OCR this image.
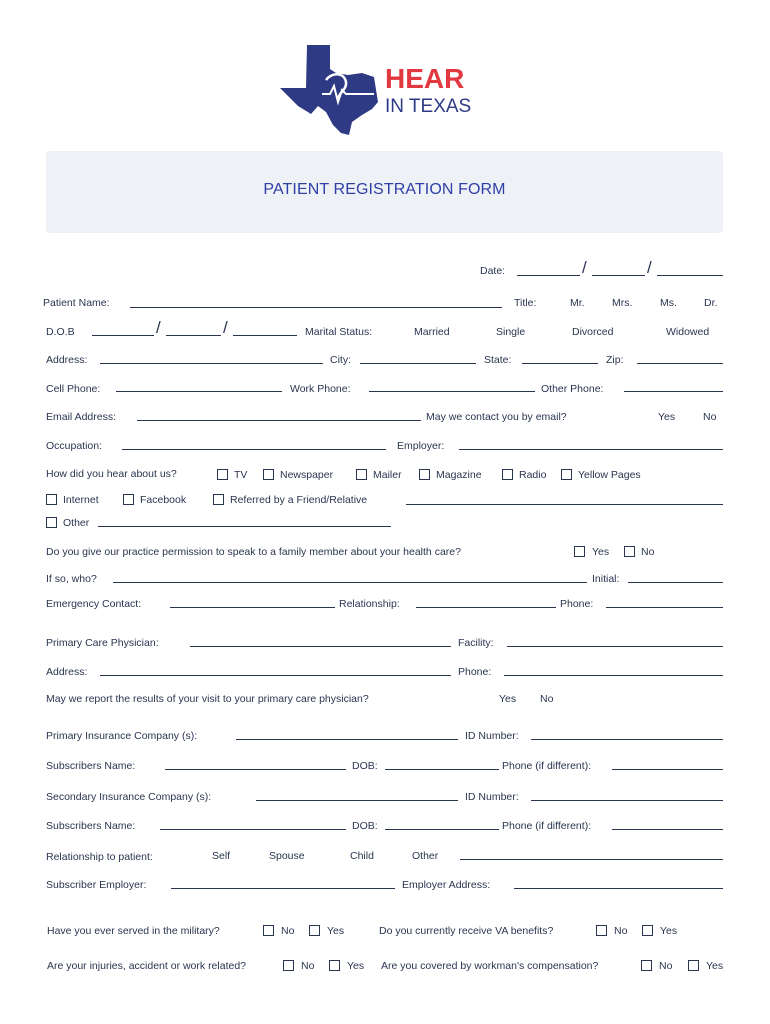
HEAR
IN TEXAS
PATIENT REGISTRATION FORM
Date:	/	/
Patient Name:	Title:	Mr.	Mrs.	Ms.	Dr.
D.O.B	/	/	Marital Status:	Married	Single	Divorced	Widowed
Address:	City:	State:	Zip:
Cell Phone:	Work Phone:	Other Phone:
Email Address:	May we contact you by email?	Yes	No
Occupation:	Employer:
How did you hear about us?	TV	Newspaper	Mailer	Magazine	Radio	Yellow Pages
Internet	Facebook	Referred by a Friend/Relative
Other
Do you give our practice permission to speak to a family member about your health care?	Yes	No
If so, who?	Initial:
Emergency Contact:	Relationship:	Phone:
Primary Care Physician:	Facility:
Address:	Phone:
May we report the results of your visit to your primary care physician?	Yes No
Primary Insurance Company (s):	ID Number:
Subscribers Name:	DOB:	Phone (if different):
Secondary Insurance Company (s):	ID Number:
Subscribers Name:	DOB:	Phone (if different):
Relationship to patient:	Self	Spouse	Child	Other
Subscriber Employer:	Employer Address:
Have you ever served in the military?	No	Yes	Do you currently receive VA benefits?	No	Yes
Are your injuries, accident or work related?	No	Yes Are you covered by workman's compensation?	No	Yes
